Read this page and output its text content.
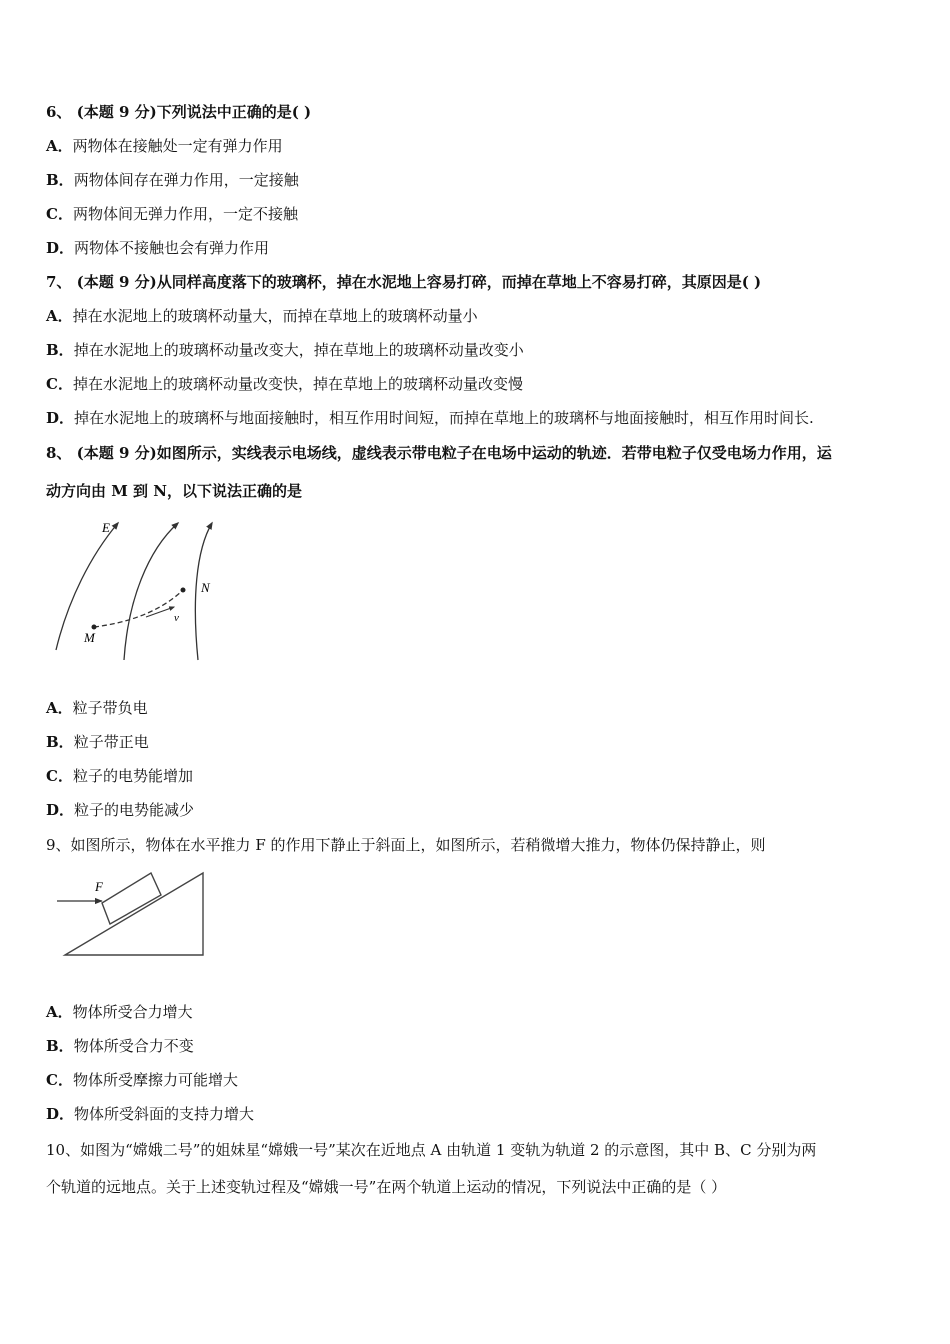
6、 (本题 9 分)下列说法中正确的是( )
A．两物体在接触处一定有弹力作用
B．两物体间存在弹力作用，一定接触
C．两物体间无弹力作用，一定不接触
D．两物体不接触也会有弹力作用
7、 (本题 9 分)从同样高度落下的玻璃杯，掉在水泥地上容易打碎，而掉在草地上不容易打碎，其原因是( )
A．掉在水泥地上的玻璃杯动量大，而掉在草地上的玻璃杯动量小
B．掉在水泥地上的玻璃杯动量改变大，掉在草地上的玻璃杯动量改变小
C．掉在水泥地上的玻璃杯动量改变快，掉在草地上的玻璃杯动量改变慢
D．掉在水泥地上的玻璃杯与地面接触时，相互作用时间短，而掉在草地上的玻璃杯与地面接触时，相互作用时间长.
8、 (本题 9 分)如图所示，实线表示电场线，虚线表示带电粒子在电场中运动的轨迹．若带电粒子仅受电场力作用，运
动方向由 M 到 N，以下说法正确的是
E
N
M
v
A．粒子带负电
B．粒子带正电
C．粒子的电势能增加
D．粒子的电势能减少
9、如图所示，物体在水平推力 F 的作用下静止于斜面上，如图所示，若稍微增大推力，物体仍保持静止，则
F
A．物体所受合力增大
B．物体所受合力不变
C．物体所受摩擦力可能增大
D．物体所受斜面的支持力增大
10、如图为“嫦娥二号”的姐妹星“嫦娥一号”某次在近地点 A 由轨道 1 变轨为轨道 2 的示意图，其中 B、C 分别为两
个轨道的远地点。关于上述变轨过程及“嫦娥一号”在两个轨道上运动的情况，下列说法中正确的是（ ）
